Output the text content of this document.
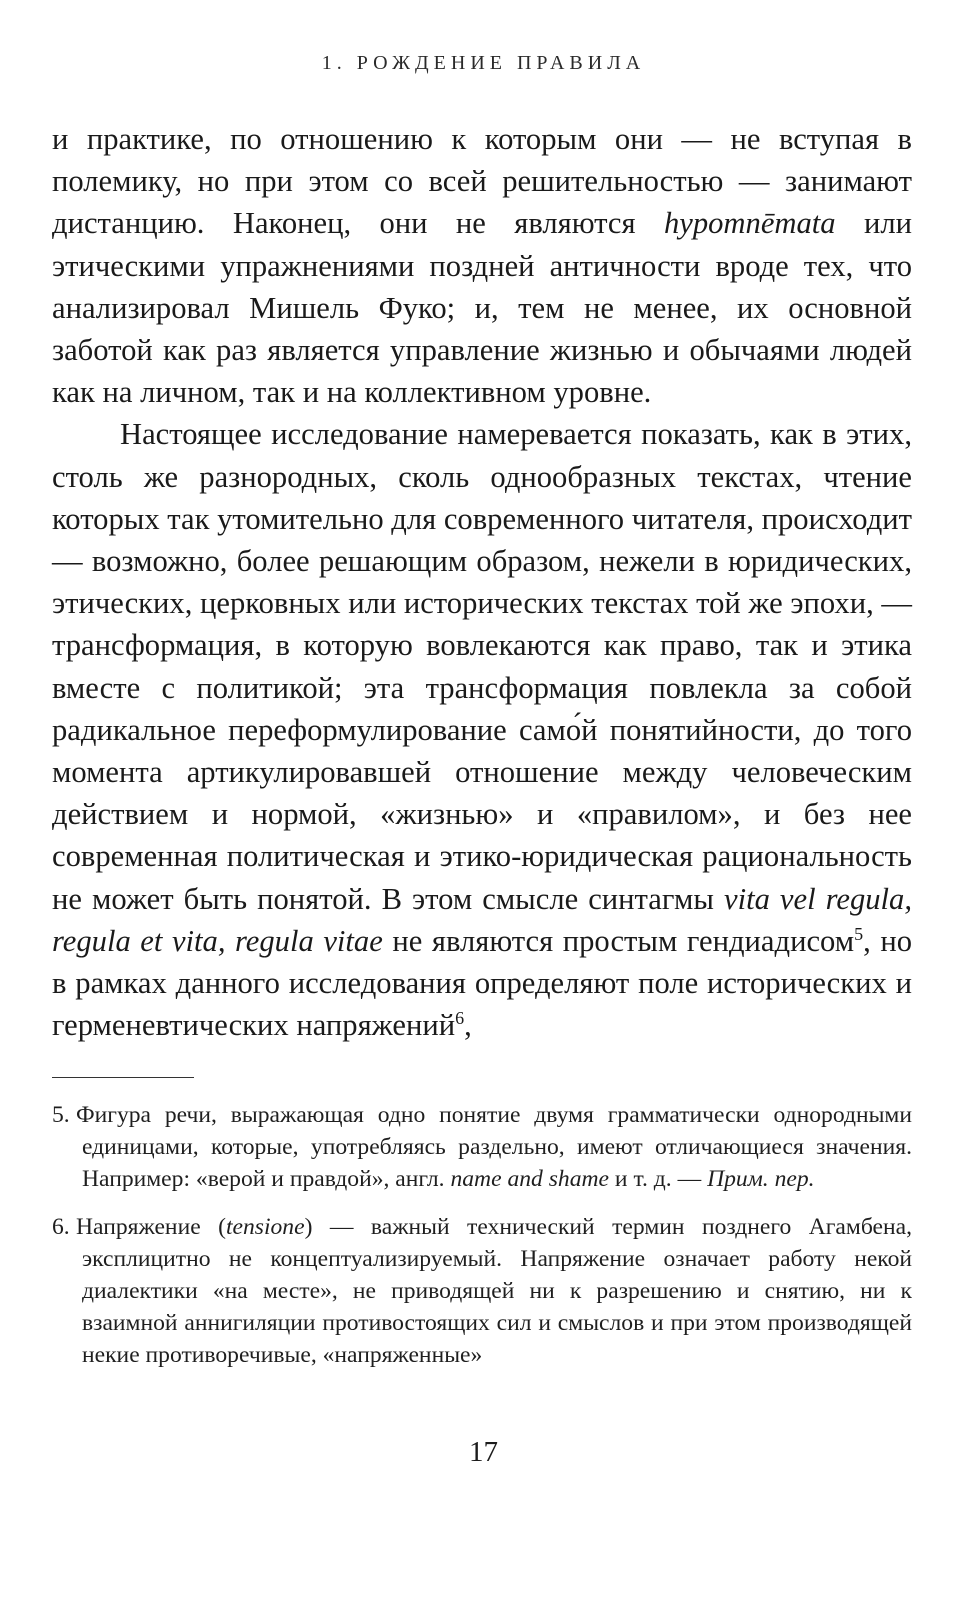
1. РОЖДЕНИЕ ПРАВИЛА

и практике, по отношению к которым они — не вступая в полемику, но при этом со всей решительностью — занимают дистанцию. Наконец, они не являются hypomnēmata или этическими упражнениями поздней античности вроде тех, что анализировал Мишель Фуко; и, тем не менее, их основной заботой как раз является управление жизнью и обычаями людей как на личном, так и на коллективном уровне.

Настоящее исследование намеревается показать, как в этих, столь же разнородных, сколь однообразных текстах, чтение которых так утомительно для современного читателя, происходит — возможно, более решающим образом, нежели в юридических, этических, церковных или исторических текстах той же эпохи, — трансформация, в которую вовлекаются как право, так и этика вместе с политикой; эта трансформация повлекла за собой радикальное переформулирование само́й понятийности, до того момента артикулировавшей отношение между человеческим действием и нормой, «жизнью» и «правилом», и без нее современная политическая и этико-юридическая рациональность не может быть понятой. В этом смысле синтагмы vita vel regula, regula et vita, regula vitae не являются простым гендиадисом$^5$, но в рамках данного исследования определяют поле исторических и герменевтических напряжений$^6$,

5. Фигура речи, выражающая одно понятие двумя грамматически однородными единицами, которые, употребляясь раздельно, имеют отличающиеся значения. Например: «верой и правдой», англ. name and shame и т. д. — Прим. пер.

6. Напряжение (tensione) — важный технический термин позднего Агамбена, эксплицитно не концептуализируемый. Напряжение означает работу некой диалектики «на месте», не приводящей ни к разрешению и снятию, ни к взаимной аннигиляции противостоящих сил и смыслов и при этом производящей некие противоречивые, «напряженные»

17
